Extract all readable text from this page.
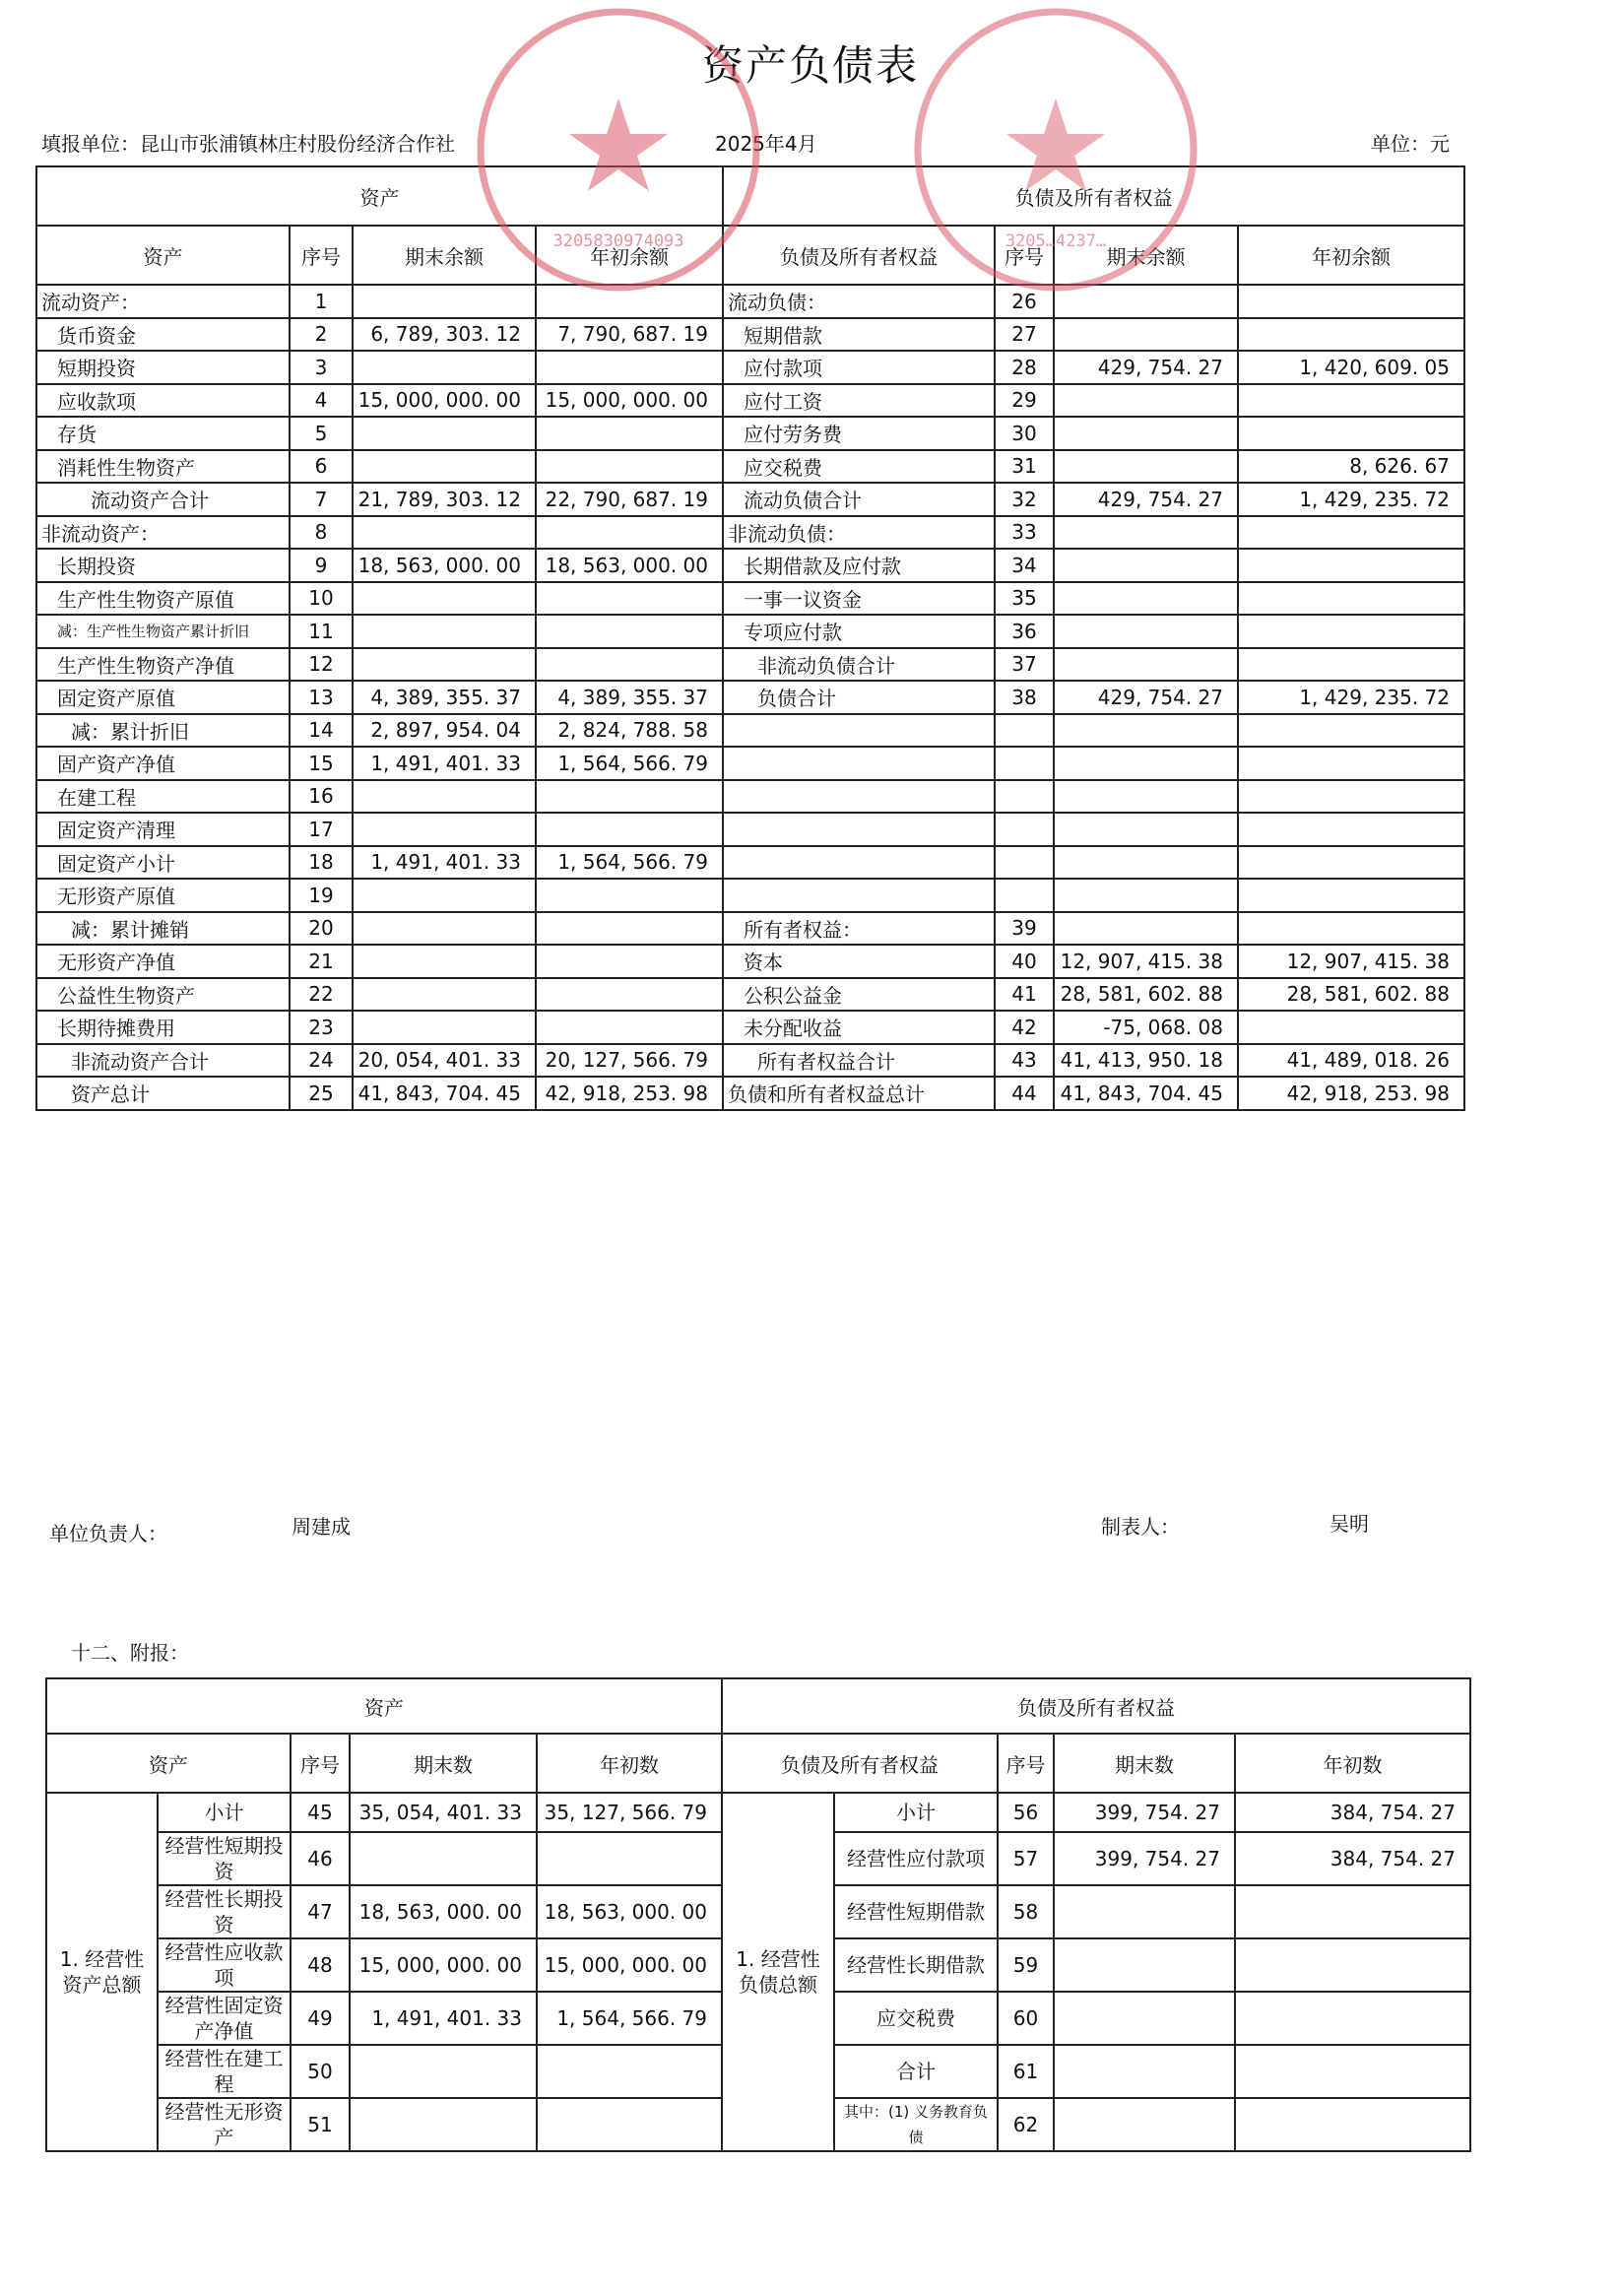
资产负债表
填报单位：昆山市张浦镇林庄村股份经济合作社	2025年4月	单位：元
资产				负债及所有者权益			
资产	序号	期末余额	年初余额	负债及所有者权益	序号	期末余额	年初余额
流动资产：	1			流动负债：	26		
货币资金	2	6, 789, 303. 12	7, 790, 687. 19	短期借款	27		
短期投资	3			应付款项	28	429, 754. 27	1, 420, 609. 05
应收款项	4	15, 000, 000. 00	15, 000, 000. 00	应付工资	29		
存货	5			应付劳务费	30		
消耗性生物资产	6			应交税费	31		8, 626. 67
流动资产合计	7	21, 789, 303. 12	22, 790, 687. 19	流动负债合计	32	429, 754. 27	1, 429, 235. 72
非流动资产：	8			非流动负债：	33		
长期投资	9	18, 563, 000. 00	18, 563, 000. 00	长期借款及应付款	34		
生产性生物资产原值	10			一事一议资金	35		
减：生产性生物资产累计折旧	11			专项应付款	36		
生产性生物资产净值	12			非流动负债合计	37		
固定资产原值	13	4, 389, 355. 37	4, 389, 355. 37	负债合计	38	429, 754. 27	1, 429, 235. 72
减：累计折旧	14	2, 897, 954. 04	2, 824, 788. 58				
固产资产净值	15	1, 491, 401. 33	1, 564, 566. 79				
在建工程	16						
固定资产清理	17						
固定资产小计	18	1, 491, 401. 33	1, 564, 566. 79				
无形资产原值	19						
减：累计摊销	20			所有者权益：	39		
无形资产净值	21			资本	40	12, 907, 415. 38	12, 907, 415. 38
公益性生物资产	22			公积公益金	41	28, 581, 602. 88	28, 581, 602. 88
长期待摊费用	23			未分配收益	42	-75, 068. 08	
非流动资产合计	24	20, 054, 401. 33	20, 127, 566. 79	所有者权益合计	43	41, 413, 950. 18	41, 489, 018. 26
资产总计	25	41, 843, 704. 45	42, 918, 253. 98	负债和所有者权益总计	44	41, 843, 704. 45	42, 918, 253. 98
单位负责人：	周建成	制表人：	吴明
十二、附报：
资产					负债及所有者权益				
资产		序号	期末数	年初数	负债及所有者权益		序号	期末数	年初数
1. 经营性资产总额	小计	45	35, 054, 401. 33	35, 127, 566. 79	1. 经营性负债总额	小计	56	399, 754. 27	384, 754. 27
	经营性短期投资	46				经营性应付款项	57	399, 754. 27	384, 754. 27
	经营性长期投资	47	18, 563, 000. 00	18, 563, 000. 00		经营性短期借款	58		
	经营性应收款项	48	15, 000, 000. 00	15, 000, 000. 00		经营性长期借款	59		
	经营性固定资产净值	49	1, 491, 401. 33	1, 564, 566. 79		应交税费	60		
	经营性在建工程	50				合计	61		
	经营性无形资产	51				其中：(1) 义务教育负债	62		
3205830974093	3205…4237…
